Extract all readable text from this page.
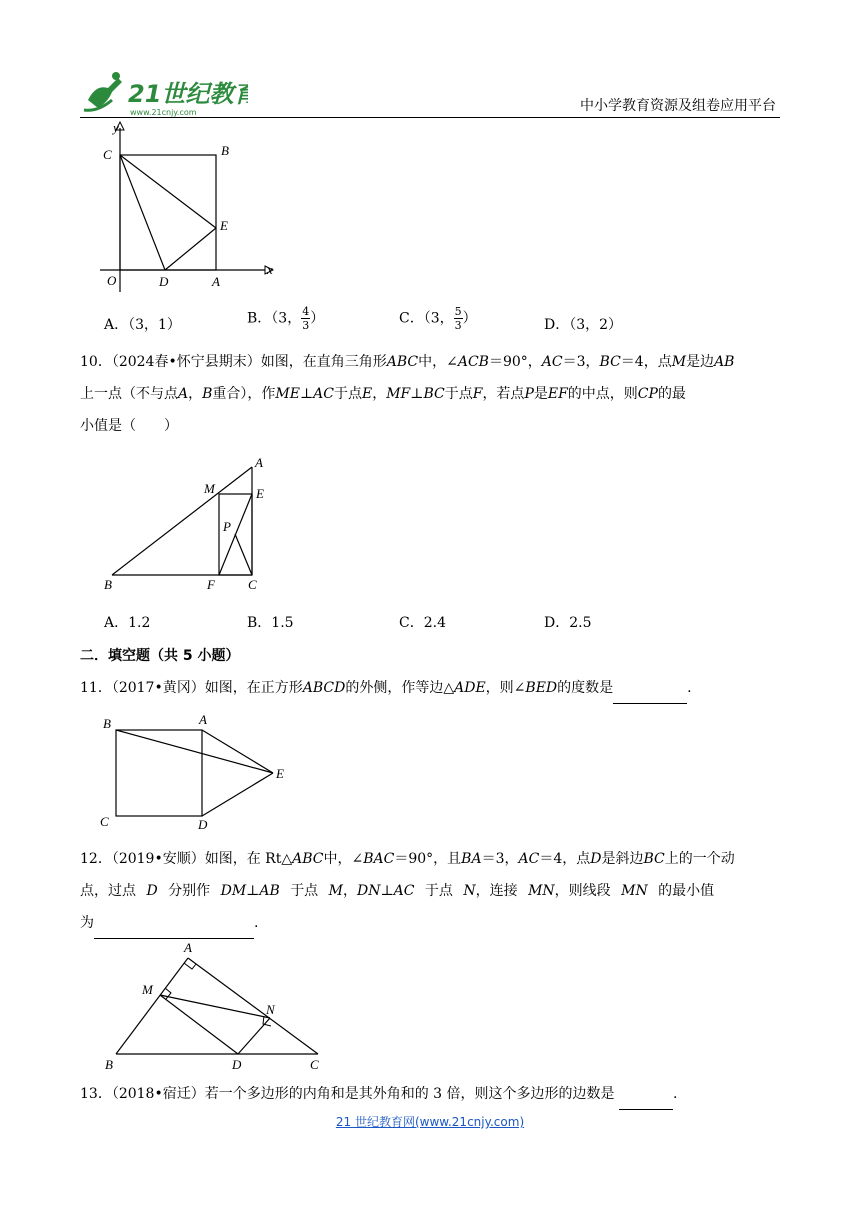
21世纪教育
www.21cnjy.com	中小学教育资源及组卷应用平台
y
x
O
C	B
E
D	A
A．（3，1）	B．（3， $\frac{4}{3}$ ）	C．（3， $\frac{5}{3}$ ）	D．（3，2）
10．（2024春•怀宁县期末）如图，在直角三角形ABC中，∠ACB＝90°，AC＝3，BC＝4，点M是边AB
上一点（不与点A，B重合），作ME⊥AC于点E，MF⊥BC于点F，若点P是EF的中点，则CP的最
小值是（　　）
A
M	E
P
B	F	C
A．1.2	B．1.5	C．2.4	D．2.5
二．填空题（共 5 小题）
11．（2017•黄冈）如图，在正方形ABCD的外侧，作等边△ADE，则∠BED的度数是	.
B	A
E
C	D
12．（2019•安顺）如图，在 Rt△ABC中，∠BAC＝90°，且BA＝3，AC＝4，点D是斜边BC上的一个动
点，过点 D 分别作 DM⊥AB 于点 M，DN⊥AC 于点 N，连接 MN，则线段 MN 的最小值
为	.
A
M
N
B	D	C
13．（2018•宿迁）若一个多边形的内角和是其外角和的 3 倍，则这个多边形的边数是	.
21 世纪教育网(www.21cnjy.com)
